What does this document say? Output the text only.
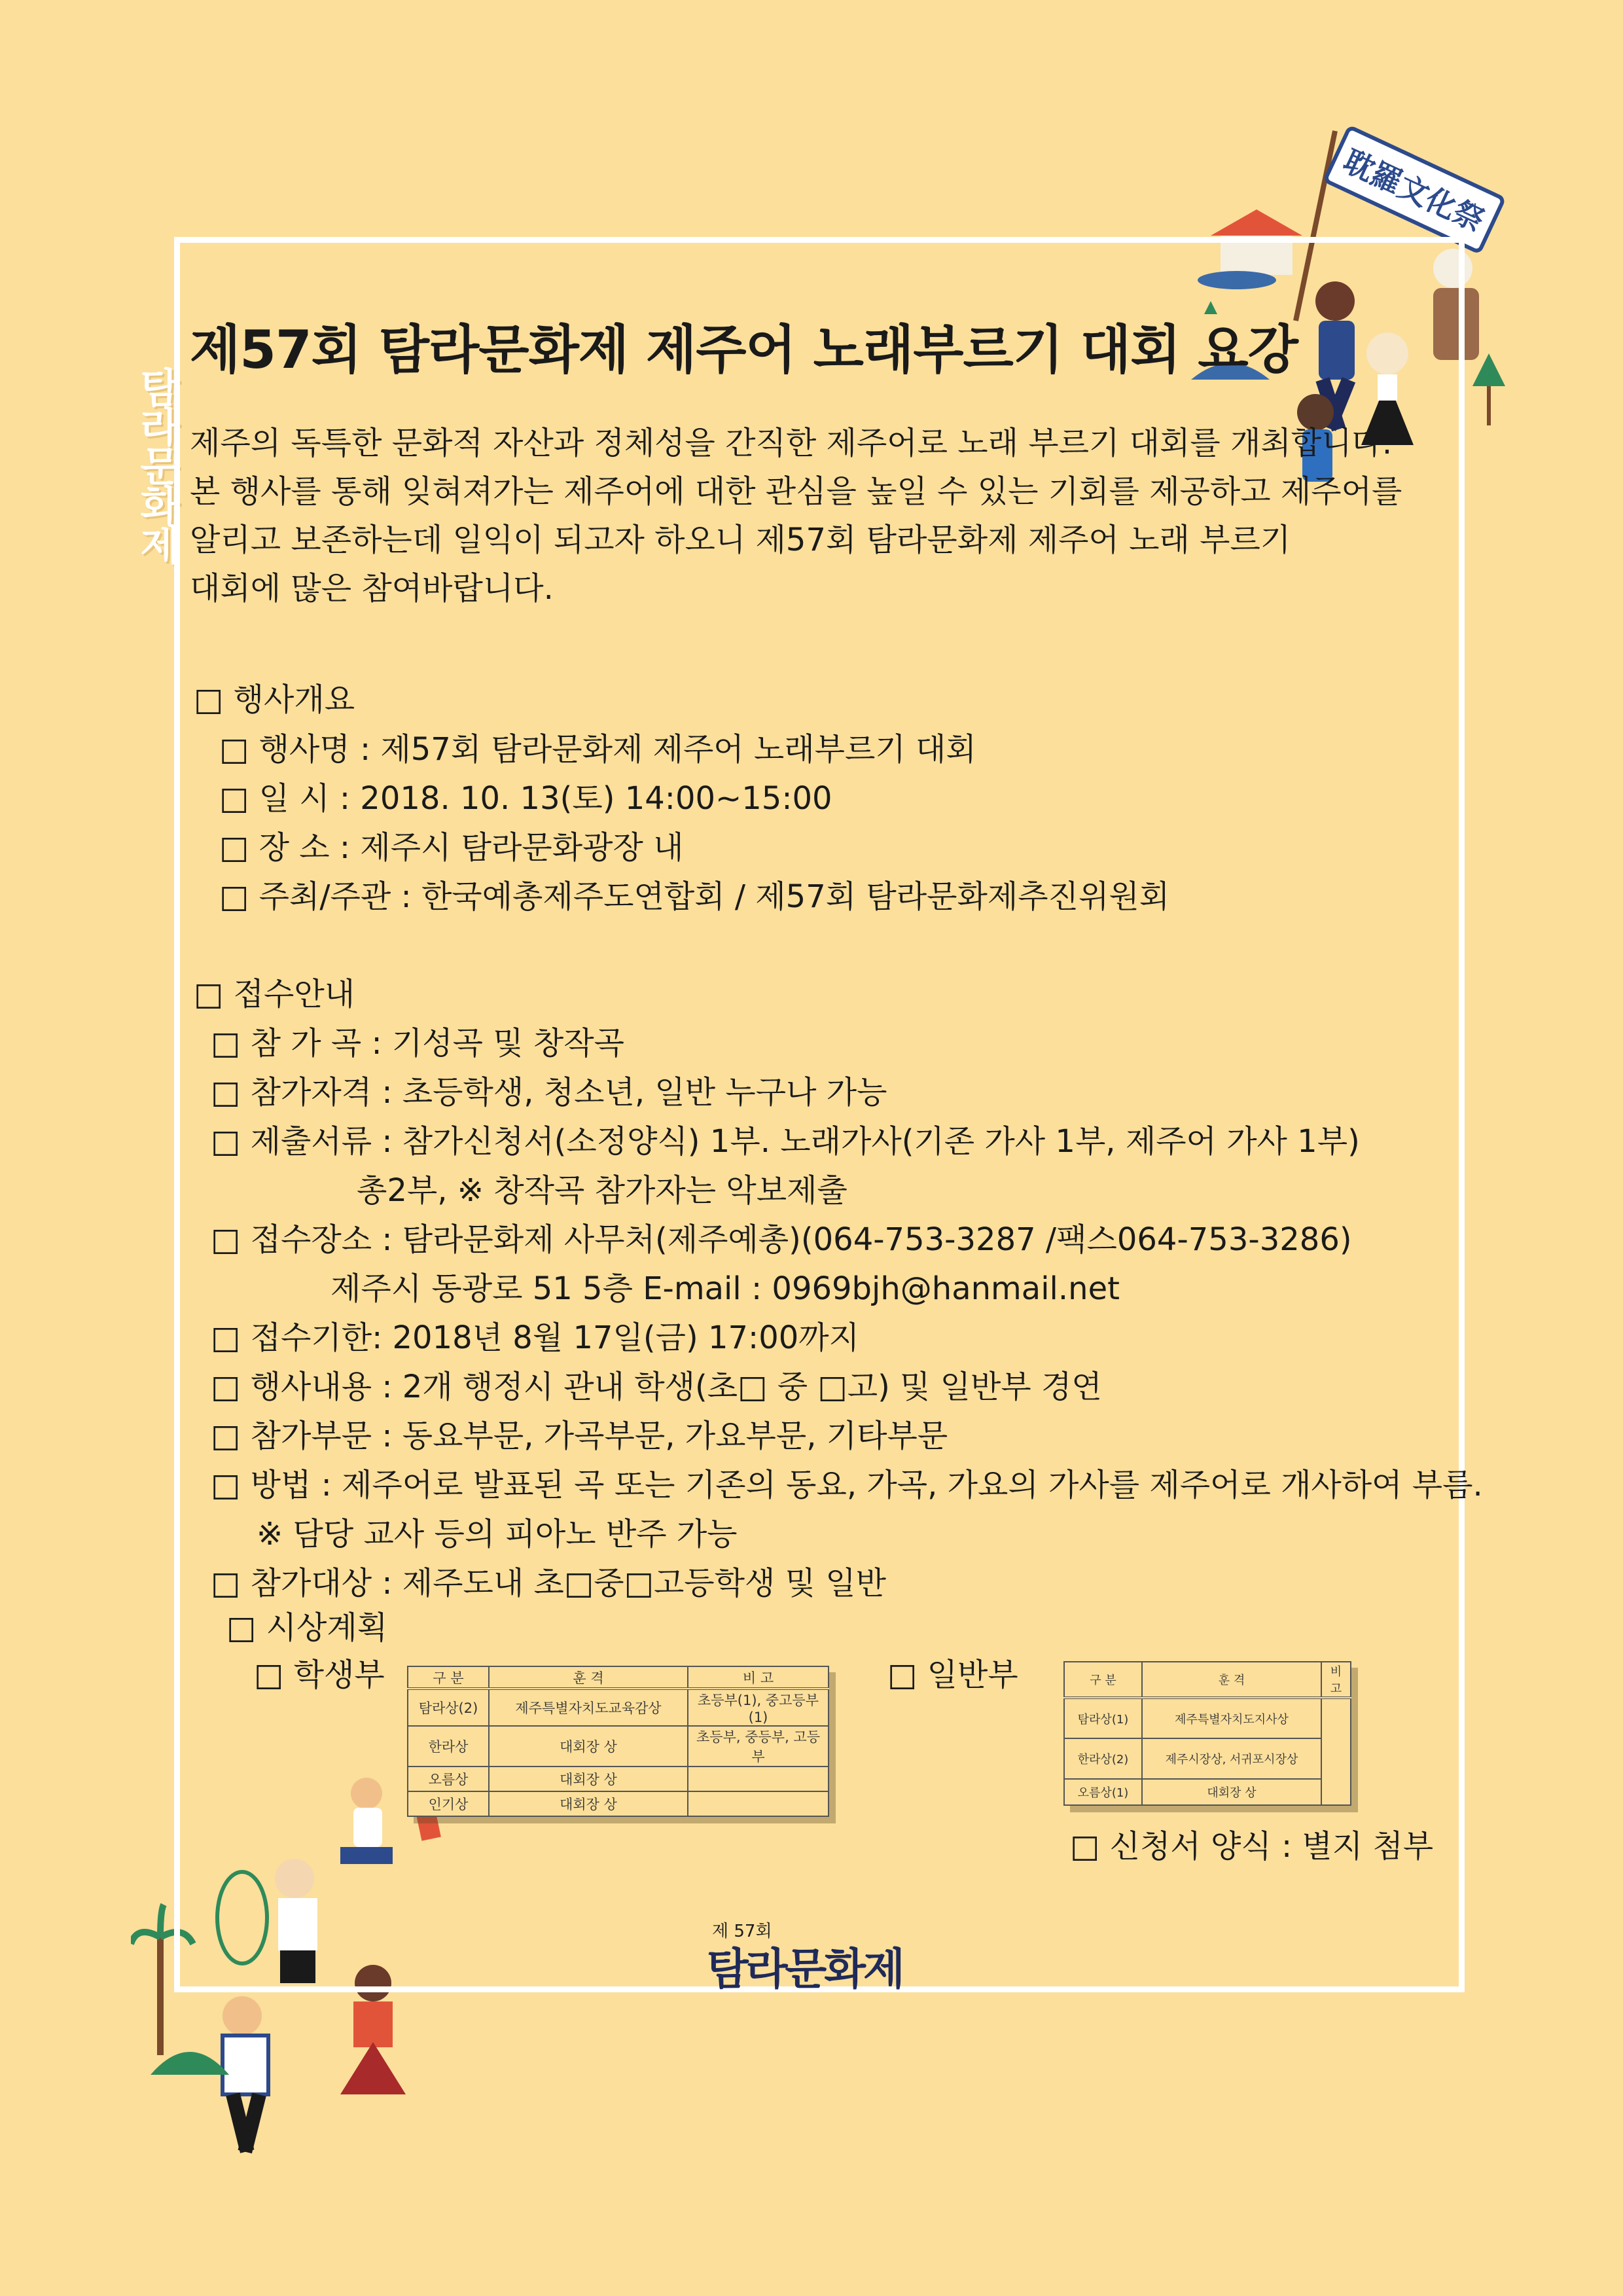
耽羅文化祭
탐라문화제
제57회 탐라문화제 제주어 노래부르기 대회 요강
제주의 독특한 문화적 자산과 정체성을 간직한 제주어로 노래 부르기 대회를 개최합니다.
본 행사를 통해 잊혀져가는 제주어에 대한 관심을 높일 수 있는 기회를 제공하고 제주어를
알리고 보존하는데 일익이 되고자 하오니 제57회 탐라문화제 제주어 노래 부르기
대회에 많은 참여바랍니다.
□ 행사개요
□ 행사명 : 제57회 탐라문화제 제주어 노래부르기 대회
□ 일 시 : 2018. 10. 13(토) 14:00~15:00
□ 장 소 : 제주시 탐라문화광장 내
□ 주최/주관 : 한국예총제주도연합회 / 제57회 탐라문화제추진위원회
□ 접수안내
□ 참 가 곡 : 기성곡 및 창작곡
□ 참가자격 : 초등학생, 청소년, 일반 누구나 가능
□ 제출서류 : 참가신청서(소정양식) 1부. 노래가사(기존 가사 1부, 제주어 가사 1부)
총2부, ※ 창작곡 참가자는 악보제출
□ 접수장소 : 탐라문화제 사무처(제주예총)(064-753-3287 /팩스064-753-3286)
제주시 동광로 51 5층 E-mail : 0969bjh@hanmail.net
□ 접수기한: 2018년 8월 17일(금) 17:00까지
□ 행사내용 : 2개 행정시 관내 학생(초□ 중 □고) 및 일반부 경연
□ 참가부문 : 동요부문, 가곡부문, 가요부문, 기타부문
□ 방법 : 제주어로 발표된 곡 또는 기존의 동요, 가곡, 가요의 가사를 제주어로 개사하여 부름.
※ 담당 교사 등의 피아노 반주 가능
□ 참가대상 : 제주도내 초□중□고등학생 및 일반
□ 시상계획
□ 학생부	□ 일반부
구 분	훈 격	비 고
탐라상(2)	제주특별자치도교육감상	초등부(1), 중고등부(1)
한라상	대회장 상	초등부, 중등부, 고등부
오름상	대회장 상	
인기상	대회장 상	
구 분	훈 격	비 고
탐라상(1)	제주특별자치도지사상	
한라상(2)	제주시장상, 서귀포시장상	
오름상(1)	대회장 상	
□ 신청서 양식 : 별지 첨부
제 57회
탐라문화제
